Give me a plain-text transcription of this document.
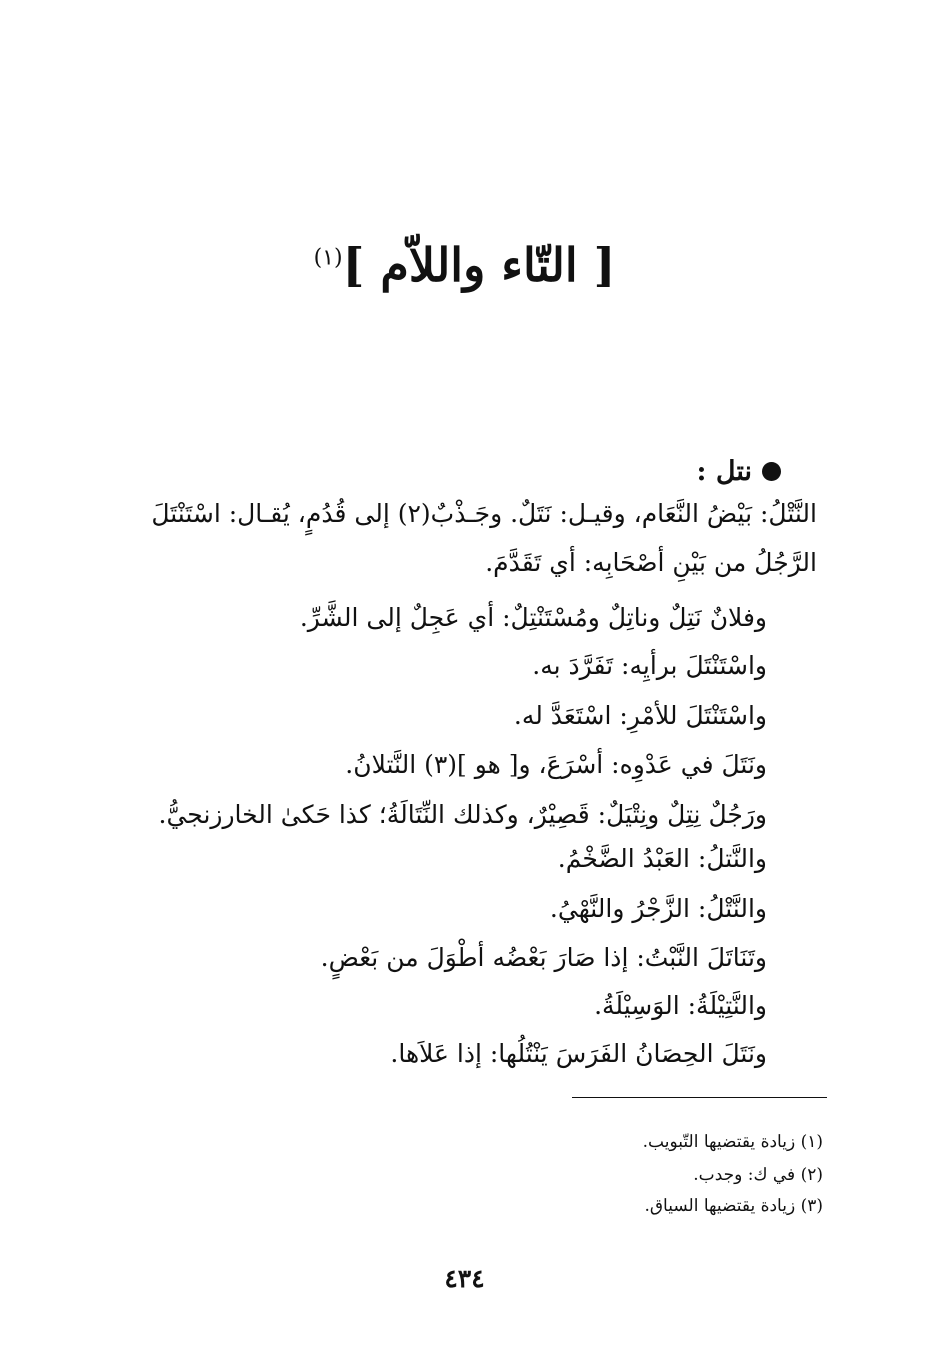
[ التّاء واللاّم ]$^{(١)}$
نتل :
النَّتْلُ: بَيْضُ النَّعَام، وقيـل: نَتَلٌ. وجَـذْبٌ(٢) إلى قُدُمٍ، يُقـال: اسْتَنْتَلَ
الرَّجُلُ من بَيْنِ أصْحَابِه: أي تَقَدَّمَ.
وفلانٌ نَتِلٌ وناتِلٌ ومُسْتَنْتِلٌ: أي عَجِلٌ إلى الشَّرِّ.
واسْتَنْتَلَ برأيِه: تَفَرَّدَ به.
واسْتَنْتَلَ للأمْرِ: اسْتَعَدَّ له.
ونَتَلَ في عَدْوِه: أسْرَعَ، و[ هو ](٣) النَّتلانُ.
ورَجُلٌ نِتِلٌ ونِتْيَلٌ: قَصِيْرٌ، وكذلك النِّتَالَةُ؛ كذا حَكىٰ الخارزنجيُّ.
والنَّتلُ: العَبْدُ الضَّخْمُ.
والنَّتْلُ: الزَّجْرُ والنَّهْيُ.
وتَنَاتَلَ النَّبْتُ: إذا صَارَ بَعْضُه أطْوَلَ من بَعْضٍ.
والنَّتِيْلَةُ: الوَسِيْلَةُ.
ونَتَلَ الحِصَانُ الفَرَسَ يَنْتُلُها: إذا عَلاَها.
(١) زيادة يقتضيها التّبويب.
(٢) في ك: وجدب.
(٣) زيادة يقتضيها السياق.
٤٣٤
